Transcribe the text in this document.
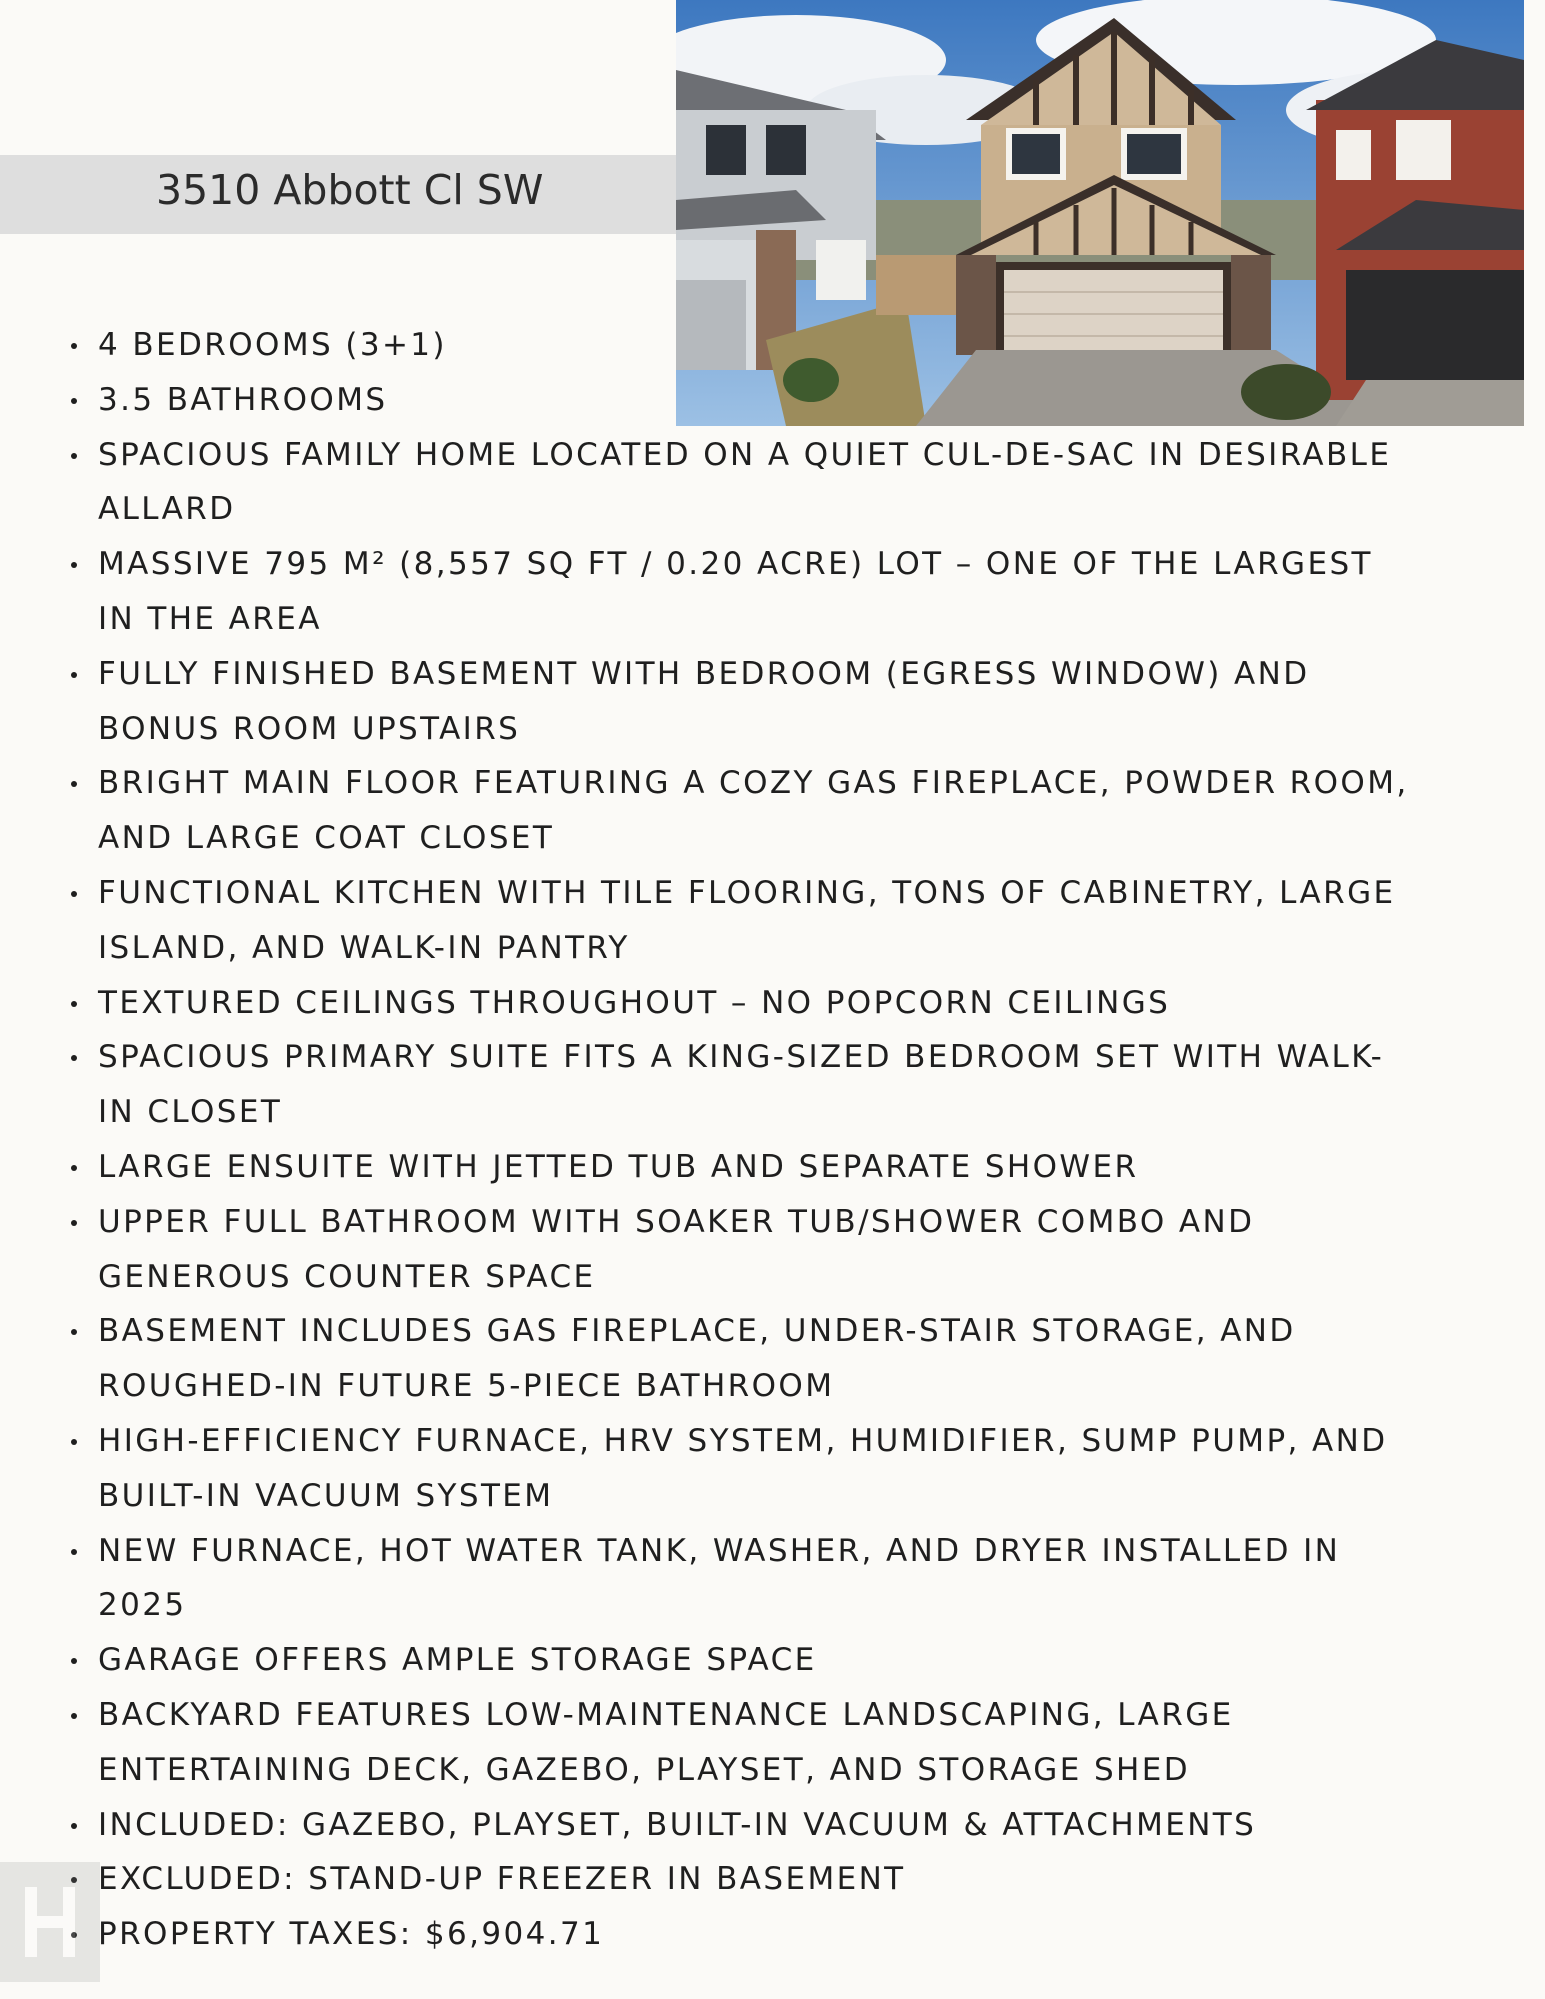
3510 Abbott Cl SW
4 BEDROOMS (3+1)
3.5 BATHROOMS
SPACIOUS FAMILY HOME LOCATED ON A QUIET CUL-DE-SAC IN DESIRABLE ALLARD
MASSIVE 795 M² (8,557 SQ FT / 0.20 ACRE) LOT – ONE OF THE LARGEST IN THE AREA
FULLY FINISHED BASEMENT WITH BEDROOM (EGRESS WINDOW) AND BONUS ROOM UPSTAIRS
BRIGHT MAIN FLOOR FEATURING A COZY GAS FIREPLACE, POWDER ROOM, AND LARGE COAT CLOSET
FUNCTIONAL KITCHEN WITH TILE FLOORING, TONS OF CABINETRY, LARGE ISLAND, AND WALK-IN PANTRY
TEXTURED CEILINGS THROUGHOUT – NO POPCORN CEILINGS
SPACIOUS PRIMARY SUITE FITS A KING-SIZED BEDROOM SET WITH WALK-IN CLOSET
LARGE ENSUITE WITH JETTED TUB AND SEPARATE SHOWER
UPPER FULL BATHROOM WITH SOAKER TUB/SHOWER COMBO AND GENEROUS COUNTER SPACE
BASEMENT INCLUDES GAS FIREPLACE, UNDER-STAIR STORAGE, AND ROUGHED-IN FUTURE 5-PIECE BATHROOM
HIGH-EFFICIENCY FURNACE, HRV SYSTEM, HUMIDIFIER, SUMP PUMP, AND BUILT-IN VACUUM SYSTEM
NEW FURNACE, HOT WATER TANK, WASHER, AND DRYER INSTALLED IN 2025
GARAGE OFFERS AMPLE STORAGE SPACE
BACKYARD FEATURES LOW-MAINTENANCE LANDSCAPING, LARGE ENTERTAINING DECK, GAZEBO, PLAYSET, AND STORAGE SHED
INCLUDED: GAZEBO, PLAYSET, BUILT-IN VACUUM & ATTACHMENTS
EXCLUDED: STAND-UP FREEZER IN BASEMENT
PROPERTY TAXES: $6,904.71
